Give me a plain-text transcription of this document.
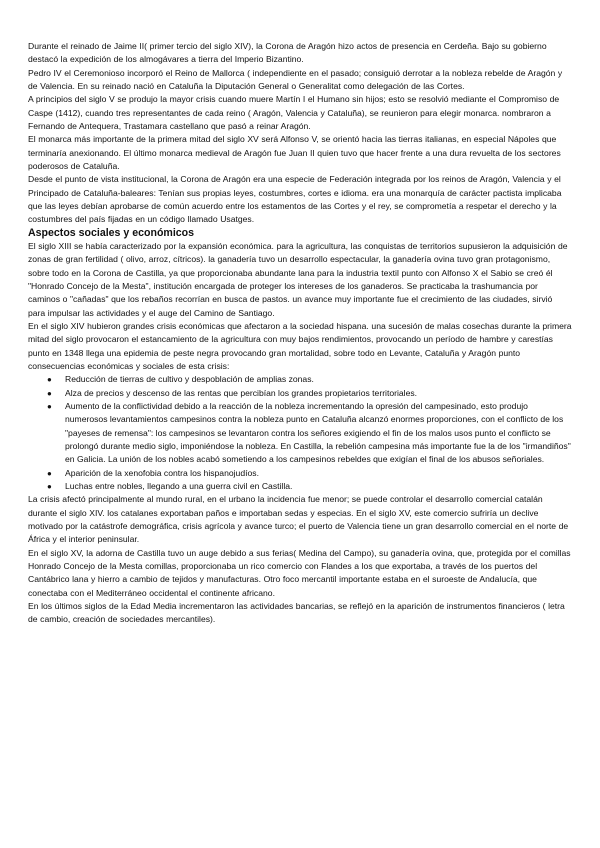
Durante el reinado de Jaime II( primer tercio del siglo XIV), la Corona de Aragón hizo actos de presencia en Cerdeña. Bajo su gobierno destacó la expedición de los almogávares a tierra del Imperio Bizantino.

Pedro IV el Ceremonioso incorporó el Reino de Mallorca ( independiente en el pasado; consiguió derrotar a la nobleza rebelde de Aragón y de Valencia. En su reinado nació en Cataluña la Diputación General o Generalitat como delegación de las Cortes.

A principios del siglo V se produjo la mayor crisis cuando muere Martín I el Humano sin hijos; esto se resolvió mediante el Compromiso de Caspe (1412), cuando tres representantes de cada reino ( Aragón, Valencia y Cataluña), se reunieron para elegir monarca. nombraron a Fernando de Antequera, Trastamara castellano que pasó a reinar Aragón.

El monarca más importante de la primera mitad del siglo XV será Alfonso V, se orientó hacia las tierras italianas, en especial Nápoles que terminaría anexionando. El último monarca medieval de Aragón fue Juan II quien tuvo que hacer frente a una dura revuelta de los sectores poderosos de Cataluña.

Desde el punto de vista institucional, la Corona de Aragón era una especie de Federación integrada por los reinos de Aragón, Valencia y el Principado de Cataluña-baleares: Tenían sus propias leyes, costumbres, cortes e idioma. era una monarquía de carácter pactista implicaba que las leyes debían aprobarse de común acuerdo entre los estamentos de las Cortes y el rey, se comprometía a respetar el derecho y la costumbres del país fijadas en un código llamado Usatges.

Aspectos sociales y económicos

El siglo XIII se había caracterizado por la expansión económica. para la agricultura, las conquistas de territorios supusieron la adquisición de zonas de gran fertilidad ( olivo, arroz, cítricos). la ganadería tuvo un desarrollo espectacular, la ganadería ovina tuvo gran protagonismo, sobre todo en la Corona de Castilla, ya que proporcionaba abundante lana para la industria textil punto con Alfonso X el Sabio se creó él "Honrado Concejo de la Mesta", institución encargada de proteger los intereses de los ganaderos. Se practicaba la trashumancia por caminos o "cañadas" que los rebaños recorrían en busca de pastos. un avance muy importante fue el crecimiento de las ciudades, sirvió para impulsar las actividades y el auge del Camino de Santiago.

En el siglo XIV hubieron grandes crisis económicas que afectaron a la sociedad hispana. una sucesión de malas cosechas durante la primera mitad del siglo provocaron el estancamiento de la agricultura con muy bajos rendimientos, provocando un período de hambre y carestías punto en 1348 llega una epidemia de peste negra provocando gran mortalidad, sobre todo en Levante, Cataluña y Aragón punto consecuencias económicas y sociales de esta crisis:

● Reducción de tierras de cultivo y despoblación de amplias zonas.
● Alza de precios y descenso de las rentas que percibían los grandes propietarios territoriales.
● Aumento de la conflictividad debido a la reacción de la nobleza incrementando la opresión del campesinado, esto produjo numerosos levantamientos campesinos contra la nobleza punto en Cataluña alcanzó enormes proporciones, con el conflicto de los "payeses de remensa": los campesinos se levantaron contra los señores exigiendo el fin de los malos usos punto el conflicto se prolongó durante medio siglo, imponiéndose la nobleza. En Castilla, la rebelión campesina más importante fue la de los "irmandiños" en Galicia. La unión de los nobles acabó sometiendo a los campesinos rebeldes que exigían el final de los abusos señoriales.
● Aparición de la xenofobia contra los hispanojudíos.
● Luchas entre nobles, llegando a una guerra civil en Castilla.

La crisis afectó principalmente al mundo rural, en el urbano la incidencia fue menor; se puede controlar el desarrollo comercial catalán durante el siglo XIV. los catalanes exportaban paños e importaban sedas y especias. En el siglo XV, este comercio sufriría un declive motivado por la catástrofe demográfica, crisis agrícola y avance turco; el puerto de Valencia tiene un gran desarrollo comercial en el norte de África y el interior peninsular.

En el siglo XV, la adorna de Castilla tuvo un auge debido a sus ferias( Medina del Campo), su ganadería ovina, que, protegida por el comillas Honrado Concejo de la Mesta comillas, proporcionaba un rico comercio con Flandes a los que exportaba, a través de los puertos del Cantábrico lana y hierro a cambio de tejidos y manufacturas. Otro foco mercantil importante estaba en el suroeste de Andalucía, que conectaba con el Mediterráneo occidental el continente africano.

En los últimos siglos de la Edad Media incrementaron las actividades bancarias, se reflejó en la aparición de instrumentos financieros ( letra de cambio, creación de sociedades mercantiles).
